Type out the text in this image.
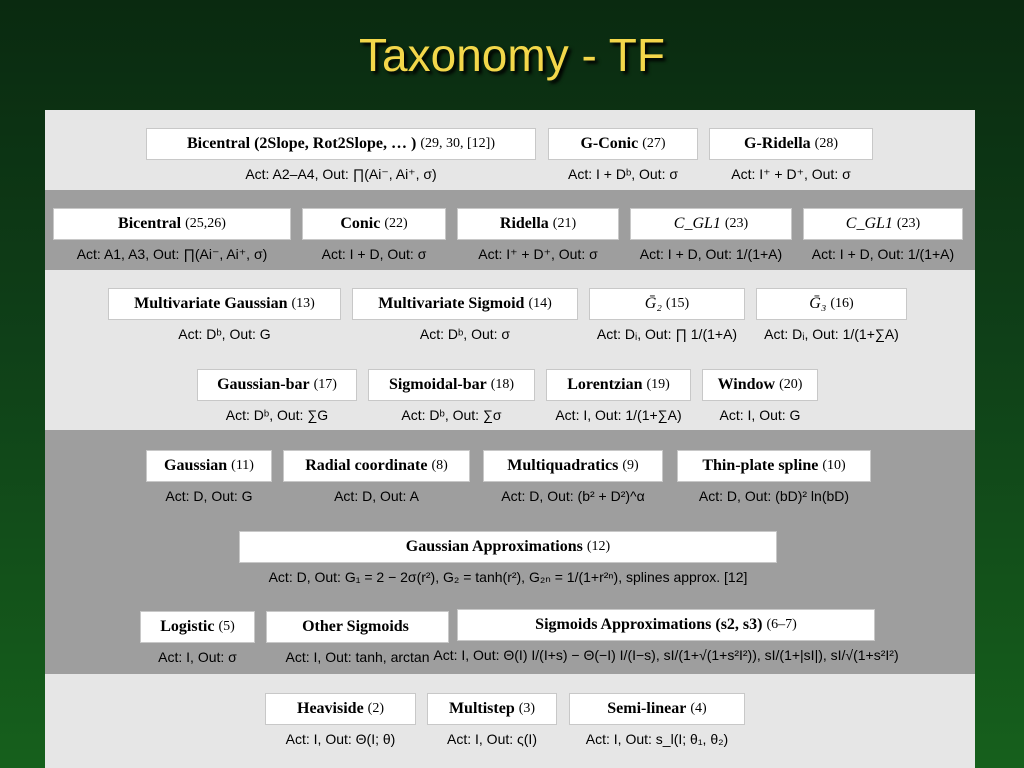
Taxonomy - TF
Bicentral (2Slope, Rot2Slope, … ) (29, 30, [12])
Act: A2–A4, Out: ∏(Ai⁻, Ai⁺, σ)
G-Conic (27)
Act: I + Dᵇ, Out: σ
G-Ridella (28)
Act: I⁺ + D⁺, Out: σ
Bicentral (25,26)
Act: A1, A3, Out: ∏(Ai⁻, Ai⁺, σ)
Conic (22)
Act: I + D, Out: σ
Ridella (21)
Act: I⁺ + D⁺, Out: σ
C_GL1 (23)
Act: I + D, Out: 1/(1+A)
C_GL1 (23)
Act: I + D, Out: 1/(1+A)
Multivariate Gaussian (13)
Act: Dᵇ, Out: G
Multivariate Sigmoid (14)
Act: Dᵇ, Out: σ
Ḡ₂ (15)
Act: Dᵢ, Out: ∏ 1/(1+A)
Ḡ₃ (16)
Act: Dᵢ, Out: 1/(1+∑A)
Gaussian-bar (17)
Act: Dᵇ, Out: ∑G
Sigmoidal-bar (18)
Act: Dᵇ, Out: ∑σ
Lorentzian (19)
Act: I, Out: 1/(1+∑A)
Window (20)
Act: I, Out: G
Gaussian (11)
Act: D, Out: G
Radial coordinate (8)
Act: D, Out: A
Multiquadratics (9)
Act: D, Out: (b² + D²)^α
Thin-plate spline (10)
Act: D, Out: (bD)² ln(bD)
Gaussian Approximations (12)
Act: D, Out: G₁ = 2 − 2σ(r²), G₂ = tanh(r²), G₂ₙ = 1/(1+r²ⁿ), splines approx. [12]
Logistic (5)
Act: I, Out: σ
Other Sigmoids
Act: I, Out: tanh, arctan
Sigmoids Approximations (s2, s3) (6–7)
Act: I, Out: Θ(I) I/(I+s) − Θ(−I) I/(I−s), sI/(1+√(1+s²I²)), sI/(1+|sI|), sI/√(1+s²I²)
Heaviside (2)
Act: I, Out: Θ(I; θ)
Multistep (3)
Act: I, Out: ς(I)
Semi-linear (4)
Act: I, Out: s_l(I; θ₁, θ₂)
